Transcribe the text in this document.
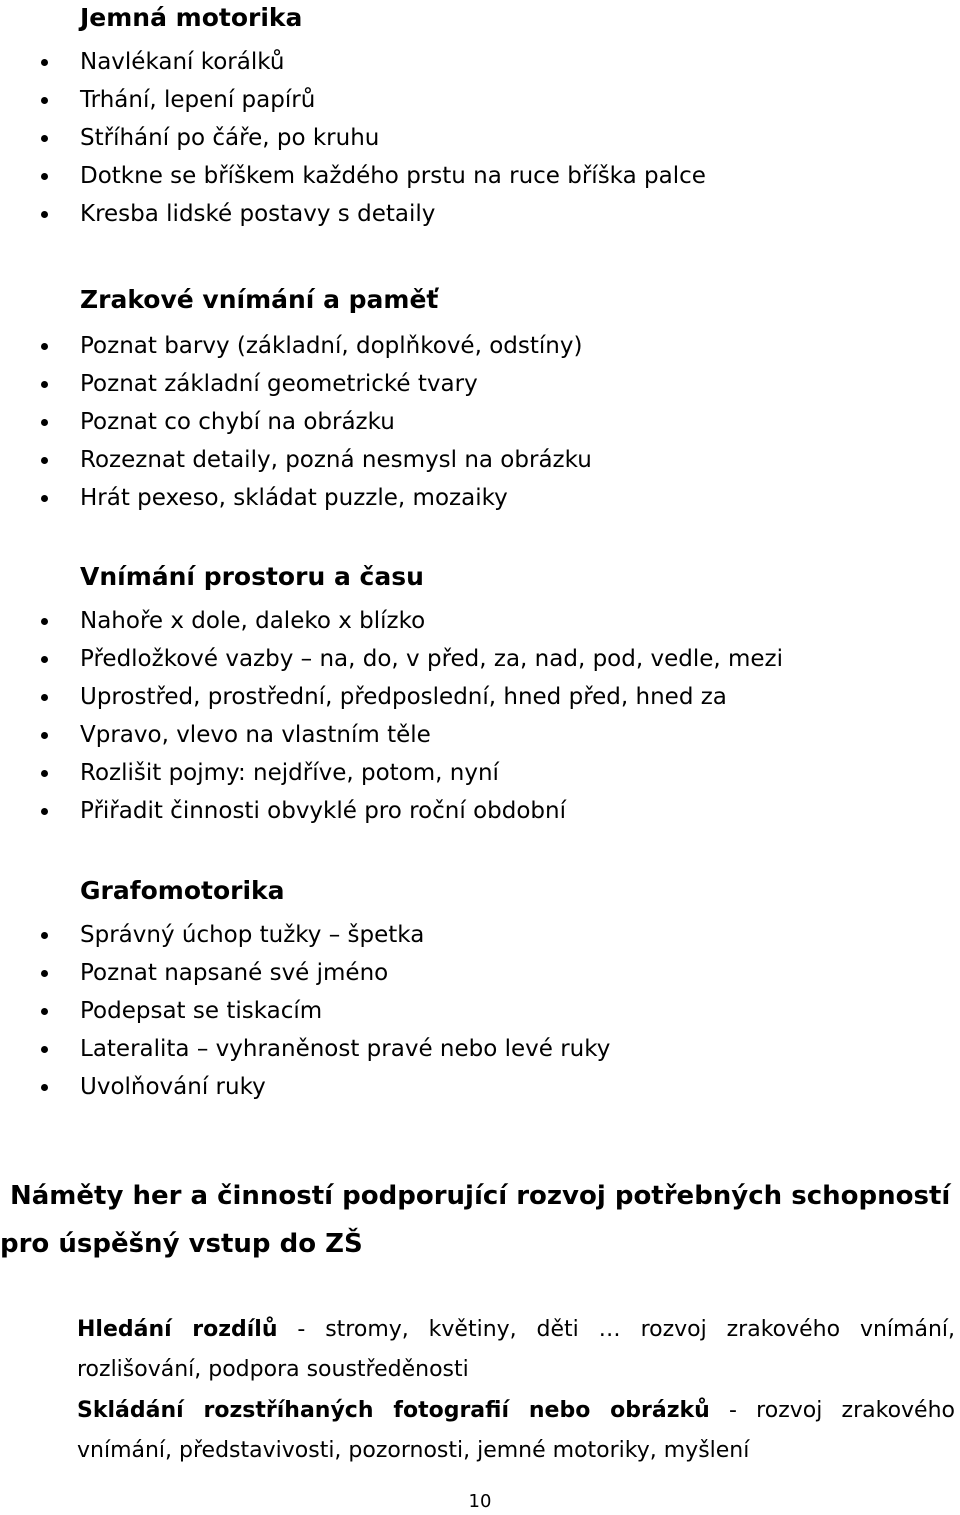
Jemná motorika
Navlékaní korálků
Trhání, lepení papírů
Stříhání po čáře, po kruhu
Dotkne se bříškem každého prstu na ruce bříška palce
Kresba lidské postavy s detaily
Zrakové vnímání a paměť
Poznat barvy (základní, doplňkové, odstíny)
Poznat základní geometrické tvary
Poznat co chybí na obrázku
Rozeznat detaily, pozná nesmysl na obrázku
Hrát pexeso, skládat puzzle, mozaiky
Vnímání prostoru a času
Nahoře x dole, daleko x blízko
Předložkové vazby – na, do, v před, za, nad, pod, vedle, mezi
Uprostřed, prostřední, předposlední, hned před, hned za
Vpravo, vlevo na vlastním těle
Rozlišit pojmy: nejdříve, potom, nyní
Přiřadit činnosti obvyklé pro roční obdobní
Grafomotorika
Správný úchop tužky – špetka
Poznat napsané své jméno
Podepsat se tiskacím
Lateralita – vyhraněnost pravé nebo levé ruky
Uvolňování ruky
Náměty her a činností podporující rozvoj potřebných schopností
pro úspěšný vstup do ZŠ

Hledání rozdílů - stromy, květiny, děti … rozvoj zrakového vnímání,
rozlišování, podpora soustředěnosti

Skládání rozstříhaných fotografií nebo obrázků - rozvoj zrakového
vnímání, představivosti, pozornosti, jemné motoriky, myšlení

10
